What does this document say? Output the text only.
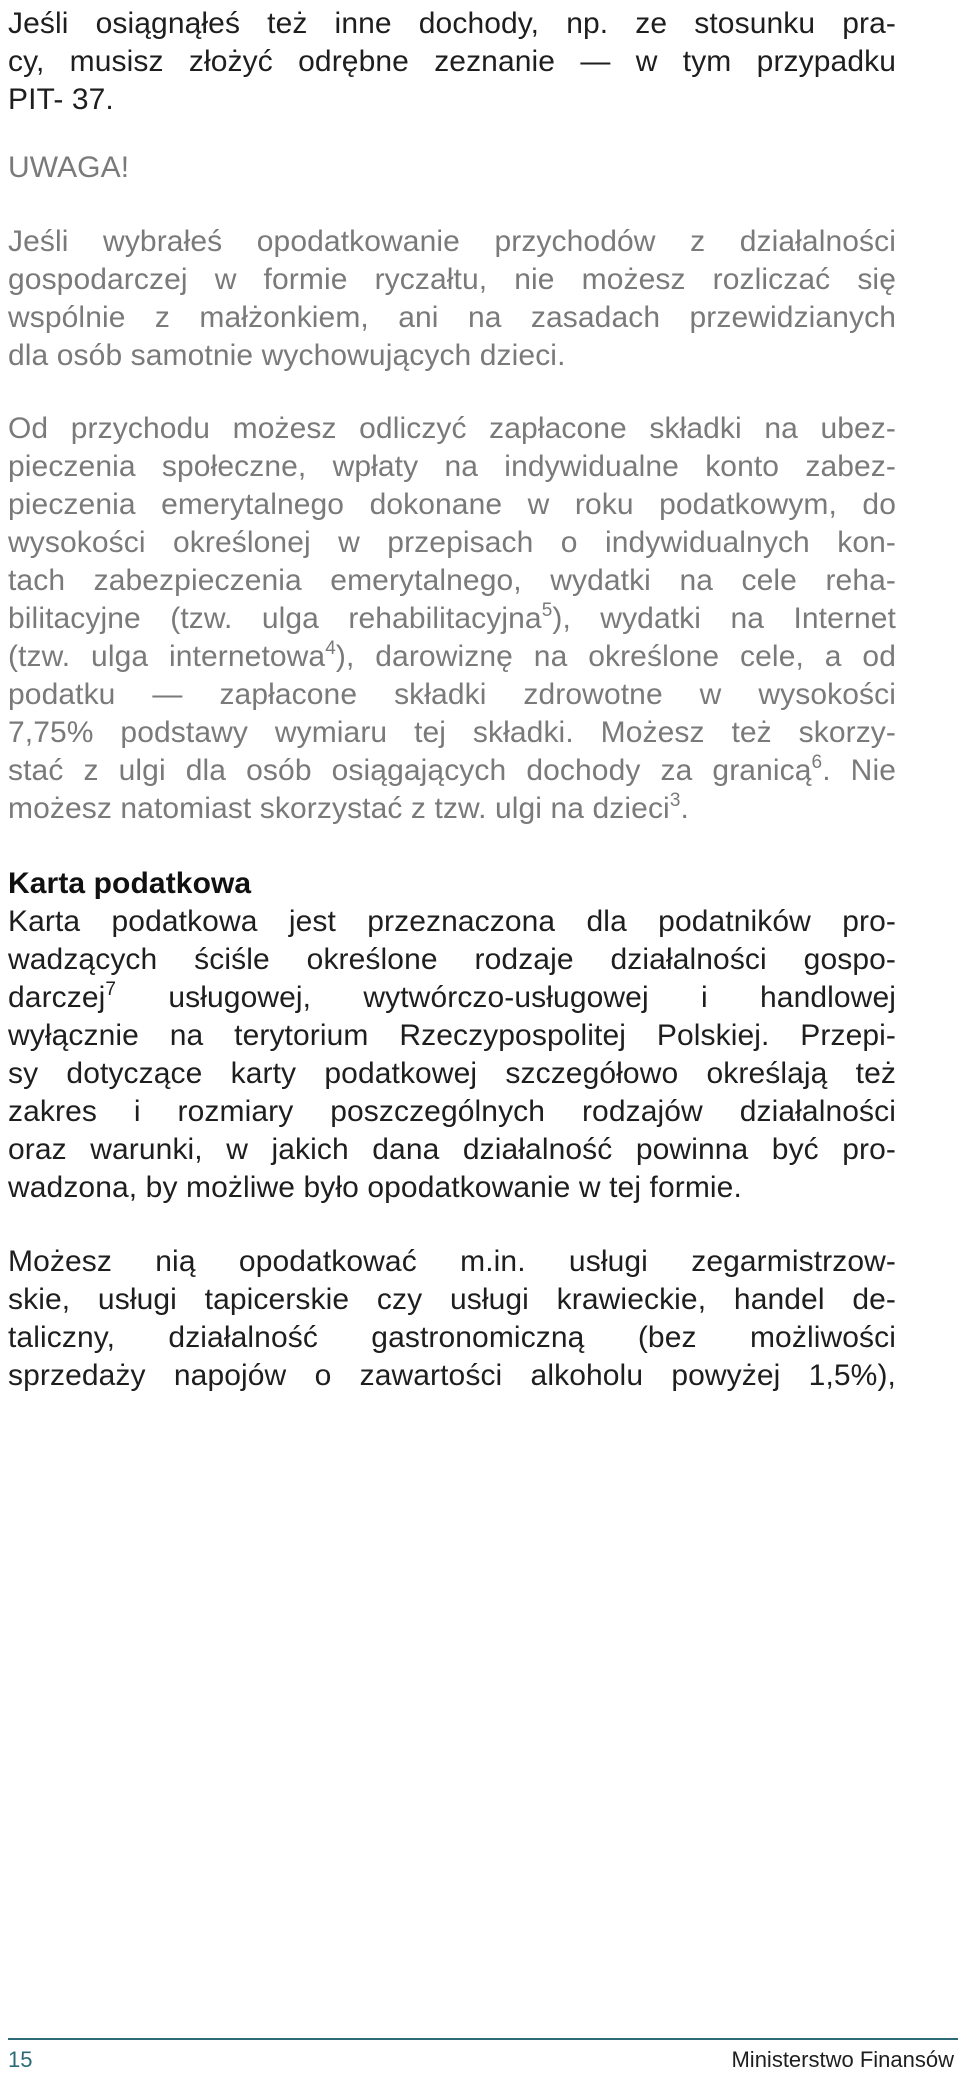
Jeśli osiągnąłeś też inne dochody, np. ze stosunku pra-
cy, musisz złożyć odrębne zeznanie — w tym przypadku
PIT- 37.
UWAGA!
Jeśli wybrałeś opodatkowanie przychodów z działalności
gospodarczej w formie ryczałtu, nie możesz rozliczać się
wspólnie z małżonkiem, ani na zasadach przewidzianych
dla osób samotnie wychowujących dzieci.
Od przychodu możesz odliczyć zapłacone składki na ubez-
pieczenia społeczne, wpłaty na indywidualne konto zabez-
pieczenia emerytalnego dokonane w roku podatkowym, do
wysokości określonej w przepisach o indywidualnych kon-
tach zabezpieczenia emerytalnego, wydatki na cele reha-
bilitacyjne (tzw. ulga rehabilitacyjna$^5$), wydatki na Internet
(tzw. ulga internetowa$^4$), darowiznę na określone cele, a od
podatku — zapłacone składki zdrowotne w wysokości
7,75% podstawy wymiaru tej składki. Możesz też skorzy-
stać z ulgi dla osób osiągających dochody za granicą$^6$. Nie
możesz natomiast skorzystać z tzw. ulgi na dzieci$^3$.
Karta podatkowa
Karta podatkowa jest przeznaczona dla podatników pro-
wadzących ściśle określone rodzaje działalności gospo-
darczej$^7$ usługowej, wytwórczo-usługowej i handlowej
wyłącznie na terytorium Rzeczypospolitej Polskiej. Przepi-
sy dotyczące karty podatkowej szczegółowo określają też
zakres i rozmiary poszczególnych rodzajów działalności
oraz warunki, w jakich dana działalność powinna być pro-
wadzona, by możliwe było opodatkowanie w tej formie.
Możesz nią opodatkować m.in. usługi zegarmistrzow-
skie, usługi tapicerskie czy usługi krawieckie, handel de-
taliczny, działalność gastronomiczną (bez możliwości
sprzedaży napojów o zawartości alkoholu powyżej 1,5%),
15	Ministerstwo Finansów
